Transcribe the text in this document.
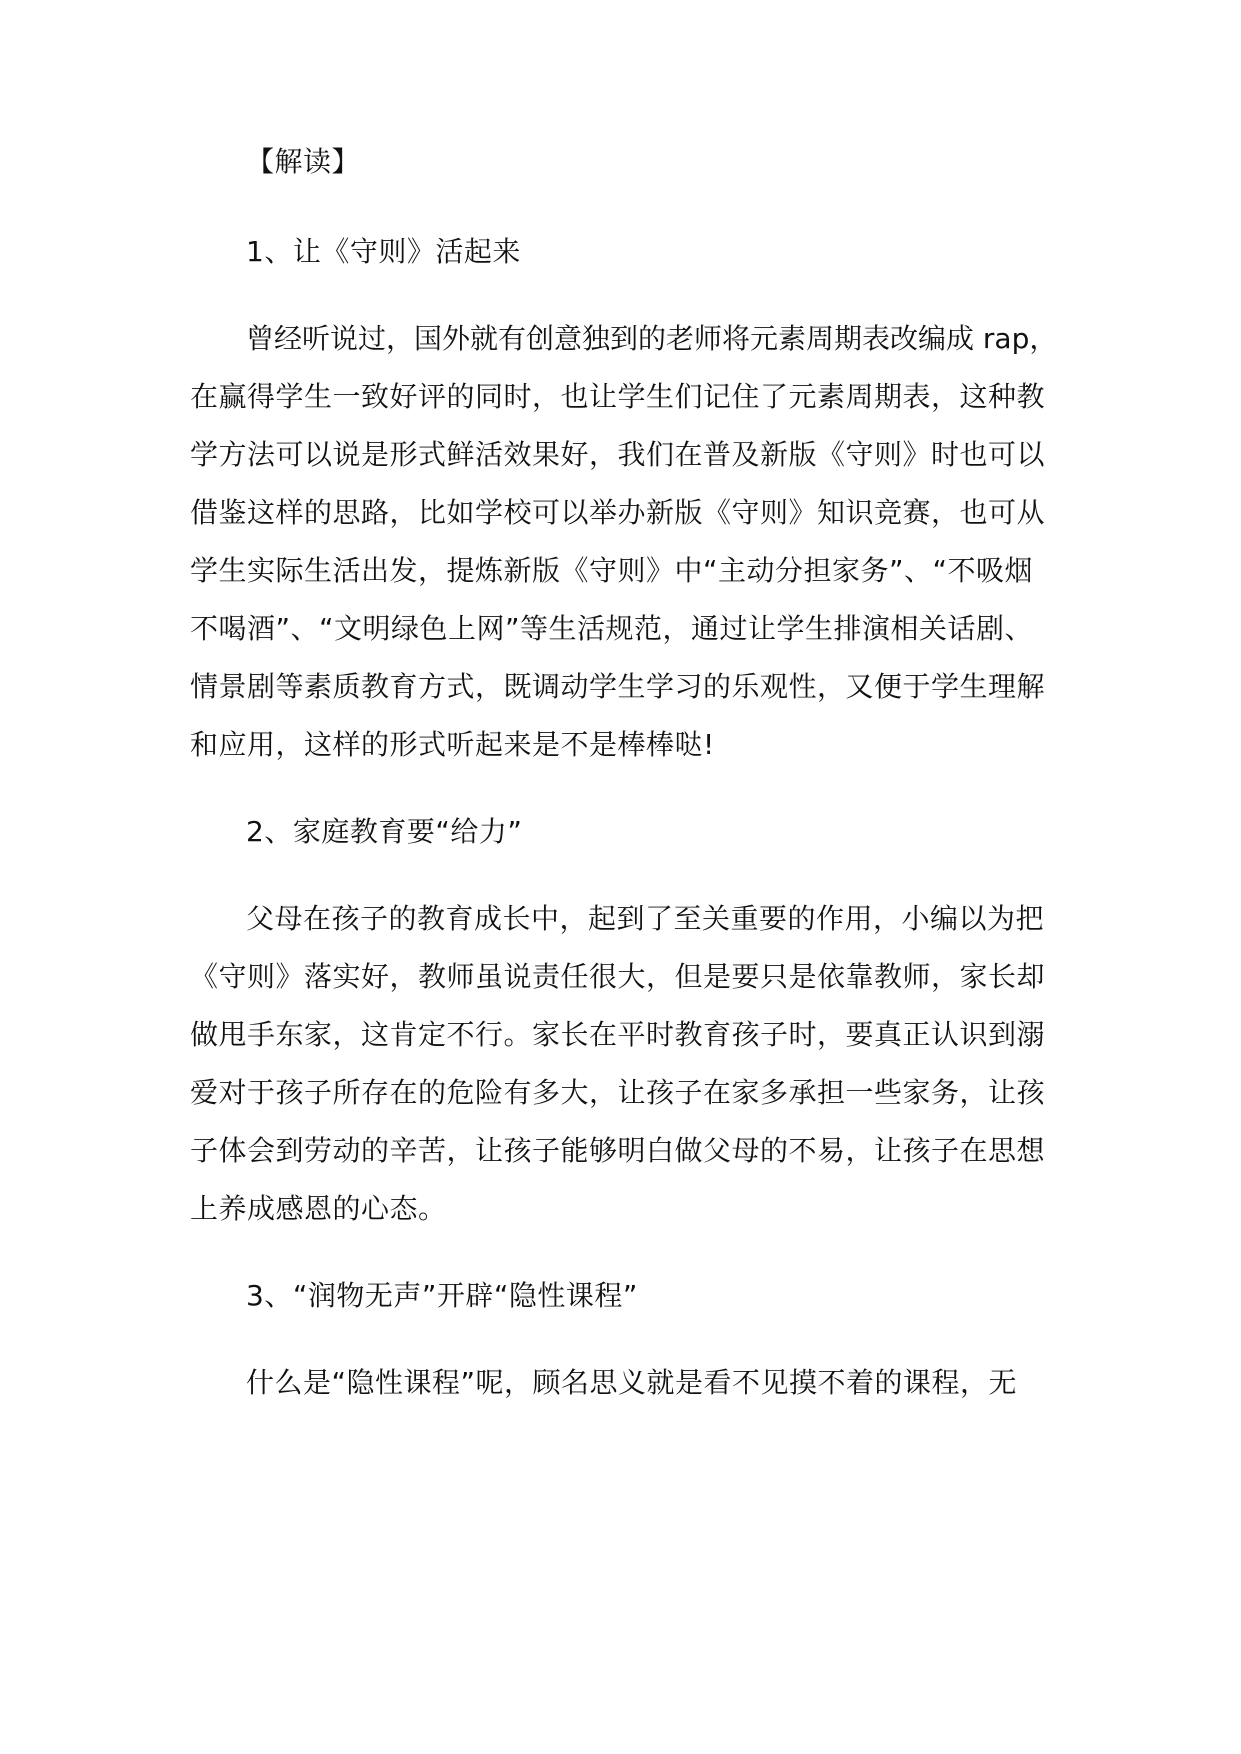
【解读】
1、让《守则》活起来
曾经听说过，国外就有创意独到的老师将元素周期表改编成 rap，
在赢得学生一致好评的同时，也让学生们记住了元素周期表，这种教
学方法可以说是形式鲜活效果好，我们在普及新版《守则》时也可以
借鉴这样的思路，比如学校可以举办新版《守则》知识竞赛，也可从
学生实际生活出发，提炼新版《守则》中“主动分担家务”、“不吸烟
不喝酒”、“文明绿色上网”等生活规范，通过让学生排演相关话剧、
情景剧等素质教育方式，既调动学生学习的乐观性，又便于学生理解
和应用，这样的形式听起来是不是棒棒哒!
2、家庭教育要“给力”
父母在孩子的教育成长中，起到了至关重要的作用，小编以为把
《守则》落实好，教师虽说责任很大，但是要只是依靠教师，家长却
做甩手东家，这肯定不行。家长在平时教育孩子时，要真正认识到溺
爱对于孩子所存在的危险有多大，让孩子在家多承担一些家务，让孩
子体会到劳动的辛苦，让孩子能够明白做父母的不易，让孩子在思想
上养成感恩的心态。
3、“润物无声”开辟“隐性课程”
什么是“隐性课程”呢，顾名思义就是看不见摸不着的课程，无
